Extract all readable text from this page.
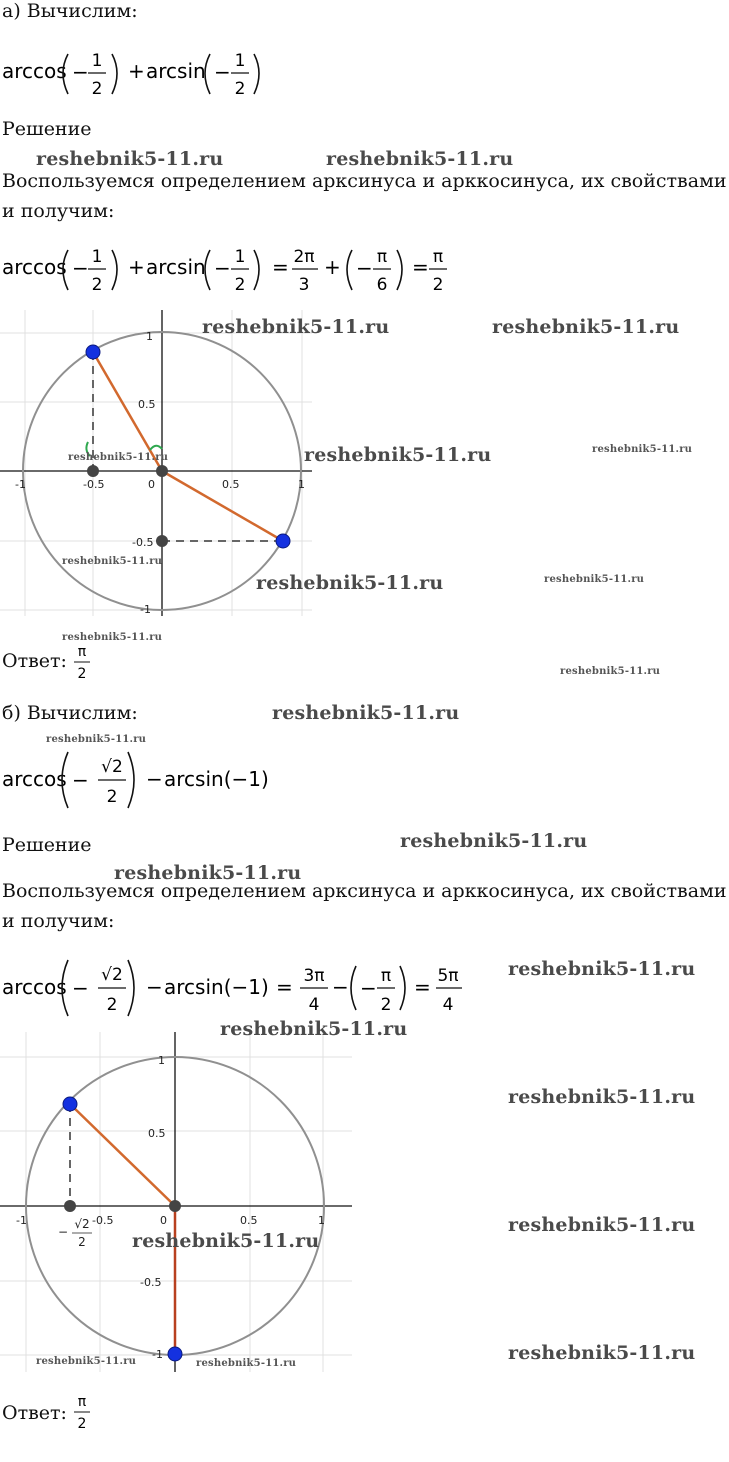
а) Вычислим:
arccos − 1
2
+ arcsin − 1
2
Решение
Воспользуемся определением арксинуса и арккосинуса, их свойствами и получим:
arccos − 1
2
+ arcsin − 1
2
= 2π
3
+ − π
6
= π
2
-1	-0.5	0	0.5	1
1
0.5
-0.5
-1
Ответ: π
2
б) Вычислим:
arccos −
√2
2
− arcsin(−1)
Решение
Воспользуемся определением арксинуса и арккосинуса, их свойствами и получим:
arccos −
√2
2
− arcsin(−1) = 3π
4
− − π
2
= 5π
4
-1	-0.5	0	0.5	1
1
0.5
-0.5
-1
−
√2
2
Ответ: π
2
reshebnik5-11.ru	reshebnik5-11.ru
reshebnik5-11.ru	reshebnik5-11.ru
reshebnik5-11.ru	reshebnik5-11.ru	reshebnik5-11.ru
reshebnik5-11.ru
reshebnik5-11.ru	reshebnik5-11.ru
reshebnik5-11.ru
reshebnik5-11.ru
reshebnik5-11.ru
reshebnik5-11.ru
reshebnik5-11.ru
reshebnik5-11.ru
reshebnik5-11.ru
reshebnik5-11.ru
reshebnik5-11.ru
reshebnik5-11.ru
reshebnik5-11.ru
reshebnik5-11.ru
reshebnik5-11.ru	reshebnik5-11.ru
